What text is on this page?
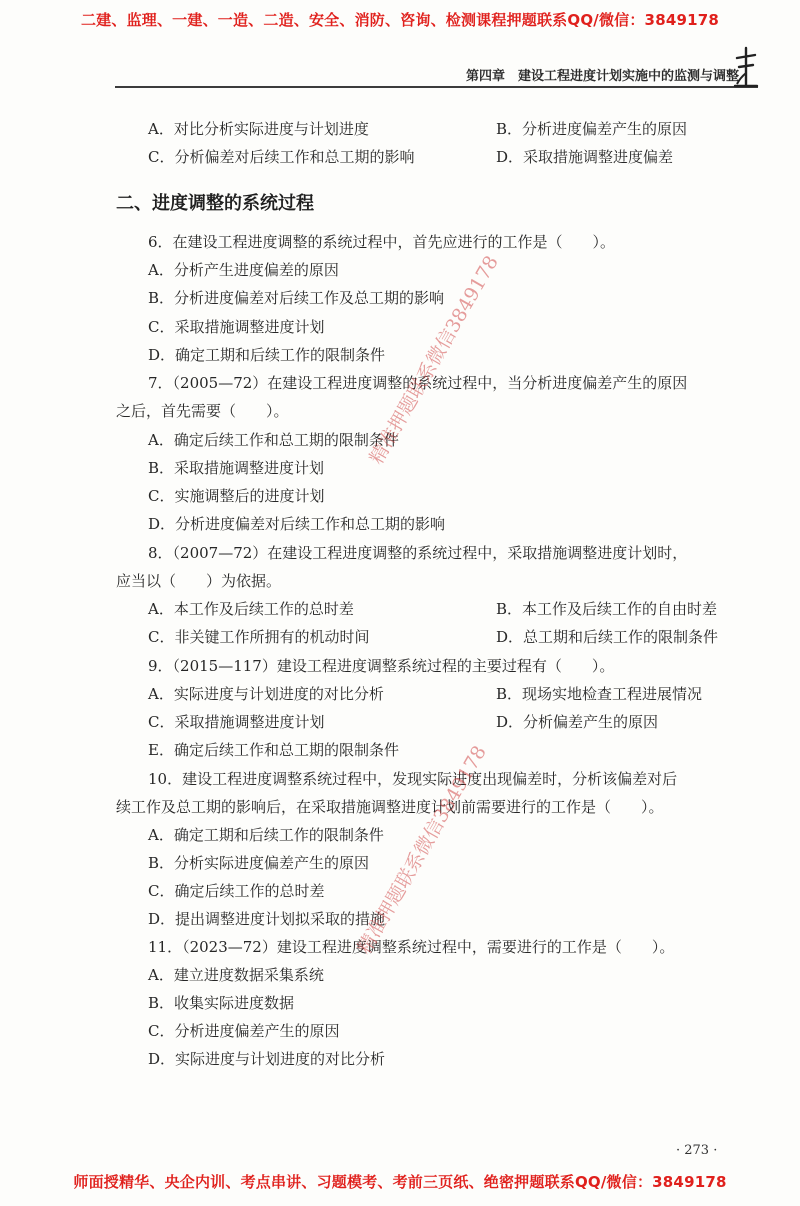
二建、监理、一建、一造、二造、安全、消防、咨询、检测课程押题联系QQ/微信：3849178
第四章　建设工程进度计划实施中的监测与调整
A．对比分析实际进度与计划进度	B．分析进度偏差产生的原因
C．分析偏差对后续工作和总工期的影响	D．采取措施调整进度偏差
二、进度调整的系统过程
6．在建设工程进度调整的系统过程中，首先应进行的工作是（　　）。
A．分析产生进度偏差的原因
B．分析进度偏差对后续工作及总工期的影响
C．采取措施调整进度计划
D．确定工期和后续工作的限制条件
7．（2005—72）在建设工程进度调整的系统过程中，当分析进度偏差产生的原因
之后，首先需要（　　）。
A．确定后续工作和总工期的限制条件
B．采取措施调整进度计划
C．实施调整后的进度计划
D．分析进度偏差对后续工作和总工期的影响
8．（2007—72）在建设工程进度调整的系统过程中，采取措施调整进度计划时，
应当以（　　）为依据。
A．本工作及后续工作的总时差	B．本工作及后续工作的自由时差
C．非关键工作所拥有的机动时间	D．总工期和后续工作的限制条件
9．（2015—117）建设工程进度调整系统过程的主要过程有（　　）。
A．实际进度与计划进度的对比分析	B．现场实地检查工程进展情况
C．采取措施调整进度计划	D．分析偏差产生的原因
E．确定后续工作和总工期的限制条件
10．建设工程进度调整系统过程中，发现实际进度出现偏差时，分析该偏差对后
续工作及总工期的影响后，在采取措施调整进度计划前需要进行的工作是（　　）。
A．确定工期和后续工作的限制条件
B．分析实际进度偏差产生的原因
C．确定后续工作的总时差
D．提出调整进度计划拟采取的措施
11．（2023—72）建设工程进度调整系统过程中，需要进行的工作是（　　）。
A．建立进度数据采集系统
B．收集实际进度数据
C．分析进度偏差产生的原因
D．实际进度与计划进度的对比分析
精准押题联系微信3849178
精准押题联系微信3849178
· 273 ·
师面授精华、央企内训、考点串讲、习题模考、考前三页纸、绝密押题联系QQ/微信：3849178
